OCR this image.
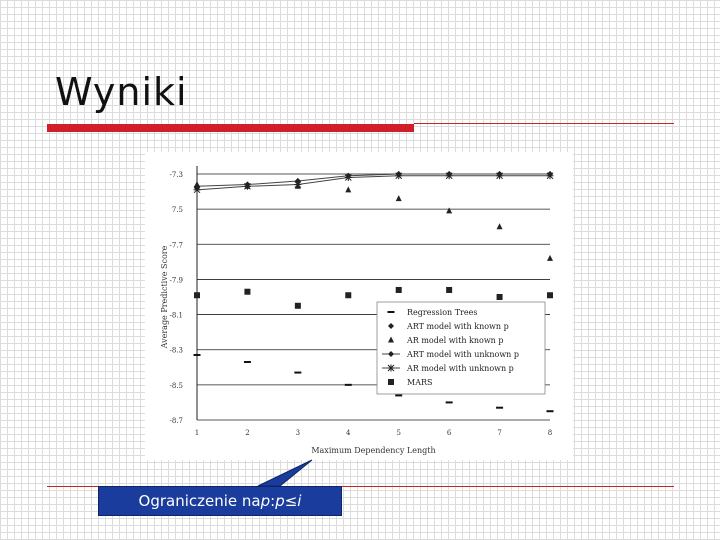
Wyniki
-7.3
7.5
-7.7
-7.9
-8.1
-8.3
-8.5
-8.7
1	2	3	4	5	6	7	8
Maximum Dependency Length
Average Predictive Score	Regression Trees
ART model with known p
AR model with known p
ART model with unknown p
AR model with unknown p
MARS
Ograniczenie na p : p≤i
